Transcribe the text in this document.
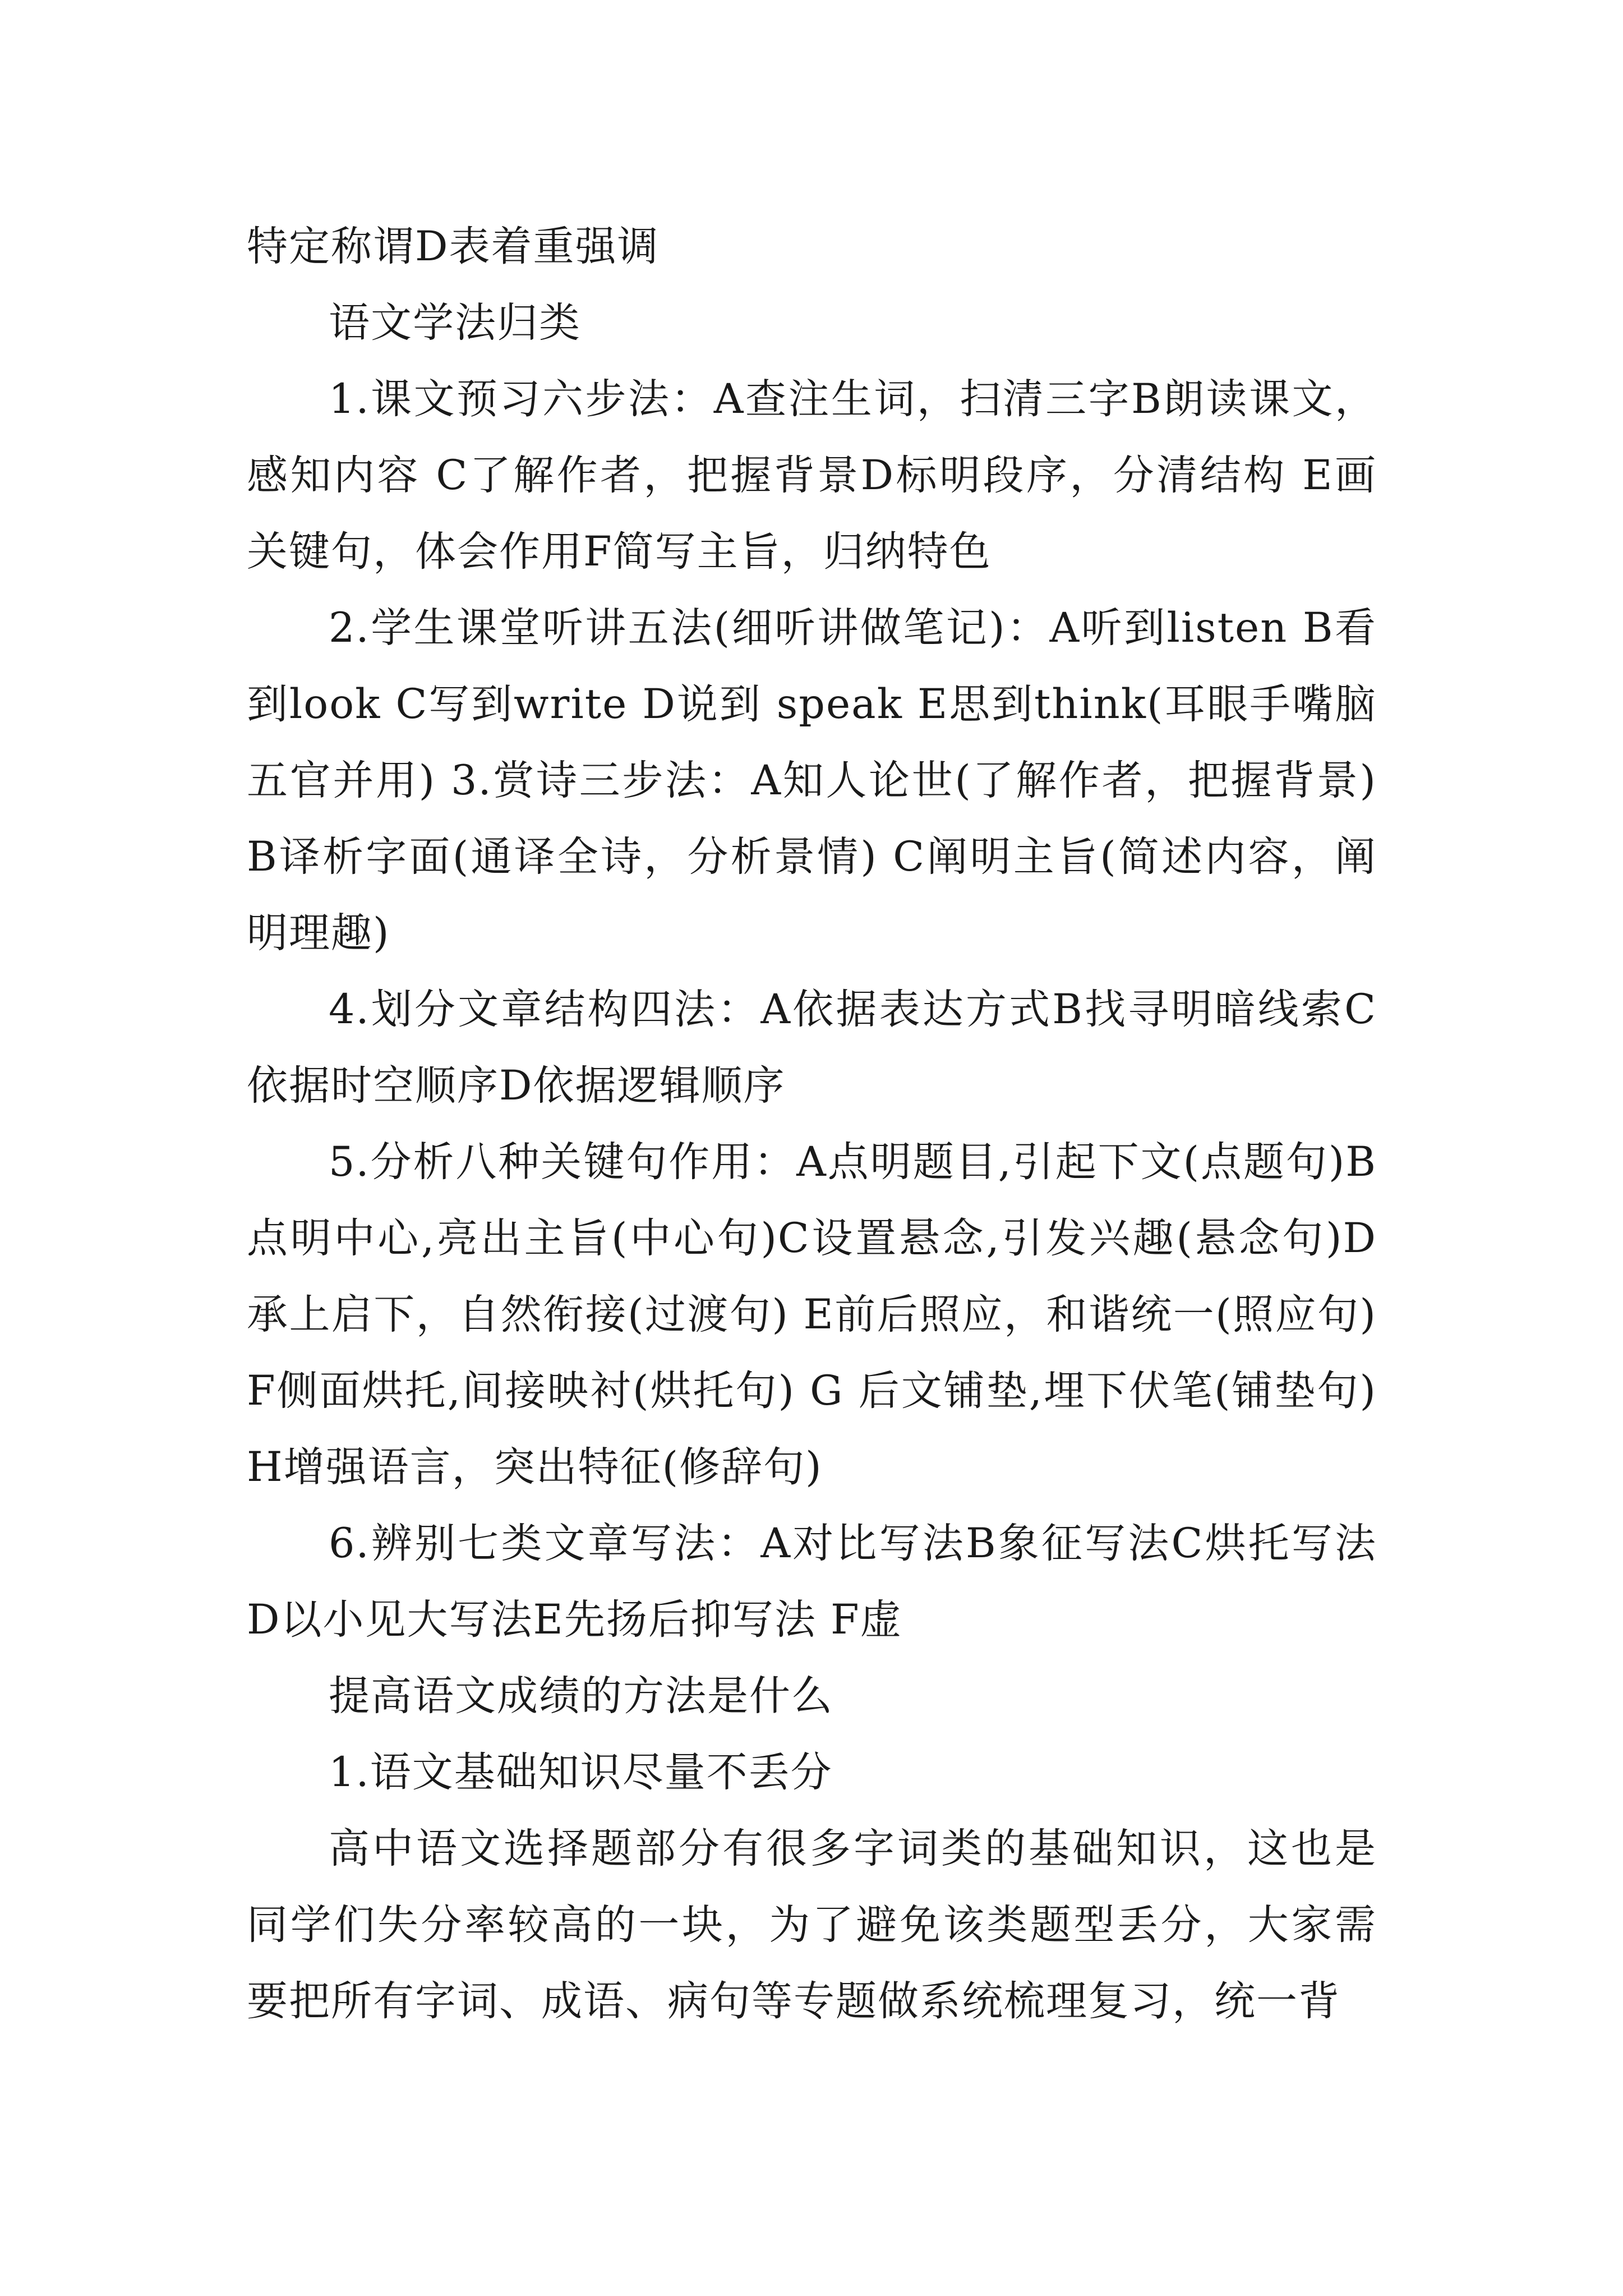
特定称谓D表着重强调

语文学法归类

1.课文预习六步法：A查注生词，扫清三字B朗读课文，感知内容 C了解作者，把握背景D标明段序，分清结构 E画关键句，体会作用F简写主旨，归纳特色

2.学生课堂听讲五法(细听讲做笔记)：A听到listen B看到look C写到write D说到 speak E思到think(耳眼手嘴脑五官并用) 3.赏诗三步法：A知人论世(了解作者，把握背景) B译析字面(通译全诗，分析景情) C阐明主旨(简述内容，阐明理趣)

4.划分文章结构四法：A依据表达方式B找寻明暗线索C依据时空顺序D依据逻辑顺序

5.分析八种关键句作用：A点明题目,引起下文(点题句)B点明中心,亮出主旨(中心句)C设置悬念,引发兴趣(悬念句)D承上启下，自然衔接(过渡句) E前后照应，和谐统一(照应句)F侧面烘托,间接映衬(烘托句) G 后文铺垫,埋下伏笔(铺垫句)H增强语言，突出特征(修辞句)

6.辨别七类文章写法：A对比写法B象征写法C烘托写法D以小见大写法E先扬后抑写法 F虚

提高语文成绩的方法是什么

1.语文基础知识尽量不丢分

高中语文选择题部分有很多字词类的基础知识，这也是同学们失分率较高的一块，为了避免该类题型丢分，大家需要把所有字词、成语、病句等专题做系统梳理复习，统一背
